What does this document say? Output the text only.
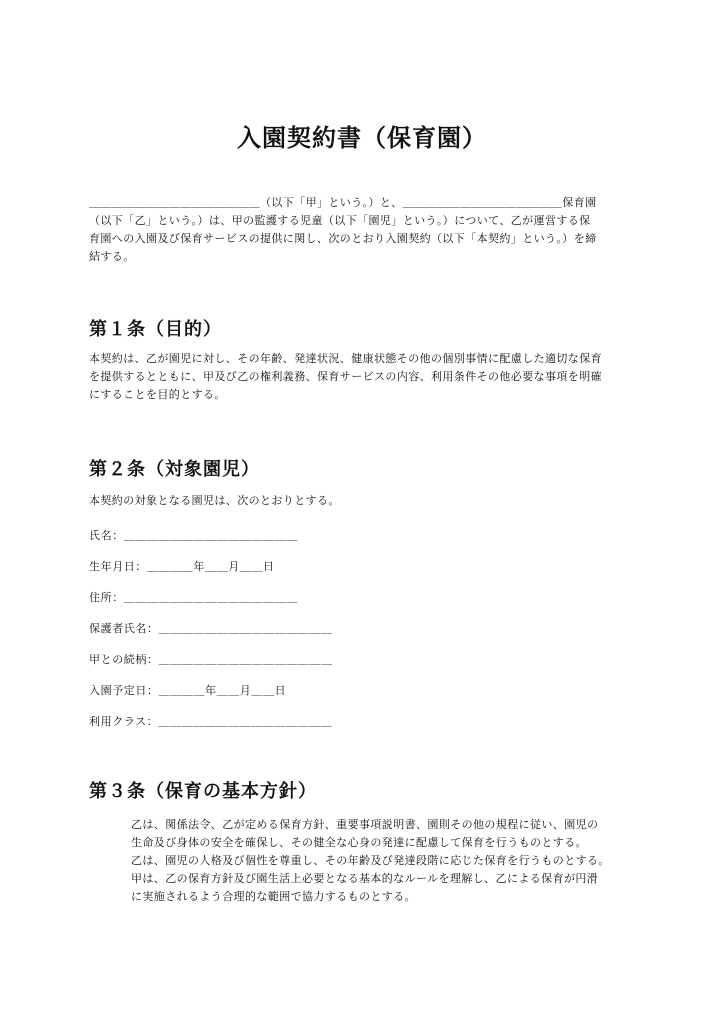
入園契約書（保育園）
＿＿＿＿＿＿＿＿＿＿＿＿＿＿＿（以下「甲」という。）と、＿＿＿＿＿＿＿＿＿＿＿＿＿＿保育園
（以下「乙」という。）は、甲の監護する児童（以下「園児」という。）について、乙が運営する保
育園への入園及び保育サービスの提供に関し、次のとおり入園契約（以下「本契約」という。）を締
結する。
第１条（目的）
本契約は、乙が園児に対し、その年齢、発達状況、健康状態その他の個別事情に配慮した適切な保育
を提供するとともに、甲及び乙の権利義務、保育サービスの内容、利用条件その他必要な事項を明確
にすることを目的とする。
第２条（対象園児）
本契約の対象となる園児は、次のとおりとする。
氏名：＿＿＿＿＿＿＿＿＿＿＿＿＿＿＿
生年月日：＿＿＿＿年＿＿月＿＿日
住所：＿＿＿＿＿＿＿＿＿＿＿＿＿＿＿
保護者氏名：＿＿＿＿＿＿＿＿＿＿＿＿＿＿＿
甲との続柄：＿＿＿＿＿＿＿＿＿＿＿＿＿＿＿
入園予定日：＿＿＿＿年＿＿月＿＿日
利用クラス：＿＿＿＿＿＿＿＿＿＿＿＿＿＿＿
第３条（保育の基本方針）
乙は、関係法令、乙が定める保育方針、重要事項説明書、園則その他の規程に従い、園児の
生命及び身体の安全を確保し、その健全な心身の発達に配慮して保育を行うものとする。
乙は、園児の人格及び個性を尊重し、その年齢及び発達段階に応じた保育を行うものとする。
甲は、乙の保育方針及び園生活上必要となる基本的なルールを理解し、乙による保育が円滑
に実施されるよう合理的な範囲で協力するものとする。
